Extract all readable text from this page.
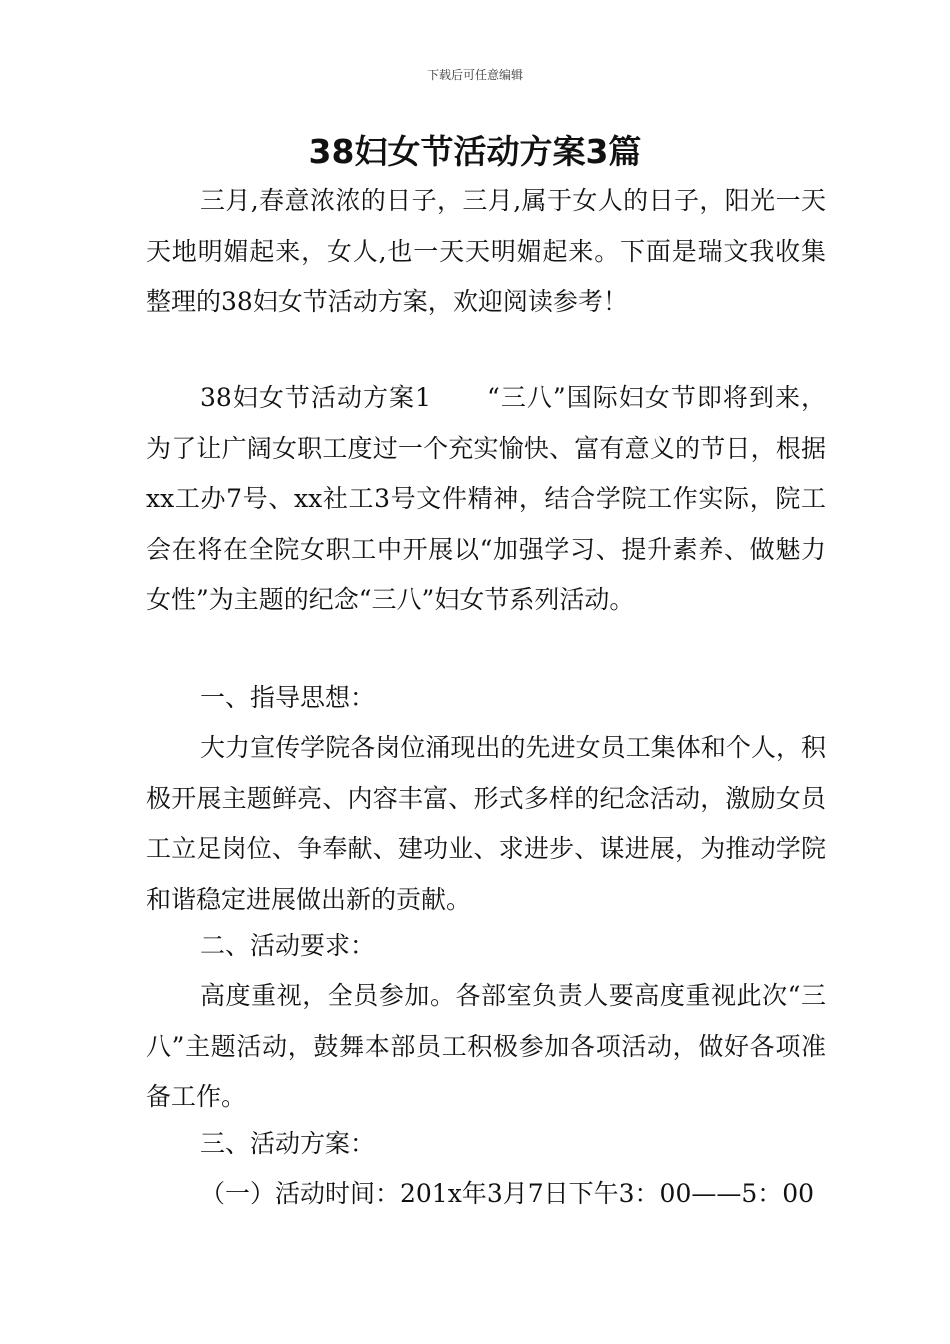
下载后可任意编辑
38妇女节活动方案3篇

三月,春意浓浓的日子，三月,属于女人的日子，阳光一天天地明媚起来，女人,也一天天明媚起来。下面是瑞文我收集整理的38妇女节活动方案，欢迎阅读参考！

38妇女节活动方案1 “三八”国际妇女节即将到来，为了让广阔女职工度过一个充实愉快、富有意义的节日，根据xx工办7号、xx社工3号文件精神，结合学院工作实际，院工会在将在全院女职工中开展以“加强学习、提升素养、做魅力女性”为主题的纪念“三八”妇女节系列活动。

一、指导思想：

大力宣传学院各岗位涌现出的先进女员工集体和个人，积极开展主题鲜亮、内容丰富、形式多样的纪念活动，激励女员工立足岗位、争奉献、建功业、求进步、谋进展，为推动学院和谐稳定进展做出新的贡献。

二、活动要求：

高度重视，全员参加。各部室负责人要高度重视此次“三八”主题活动，鼓舞本部员工积极参加各项活动，做好各项准备工作。

三、活动方案：

（一）活动时间：201x年3月7日下午3：00——5：00
